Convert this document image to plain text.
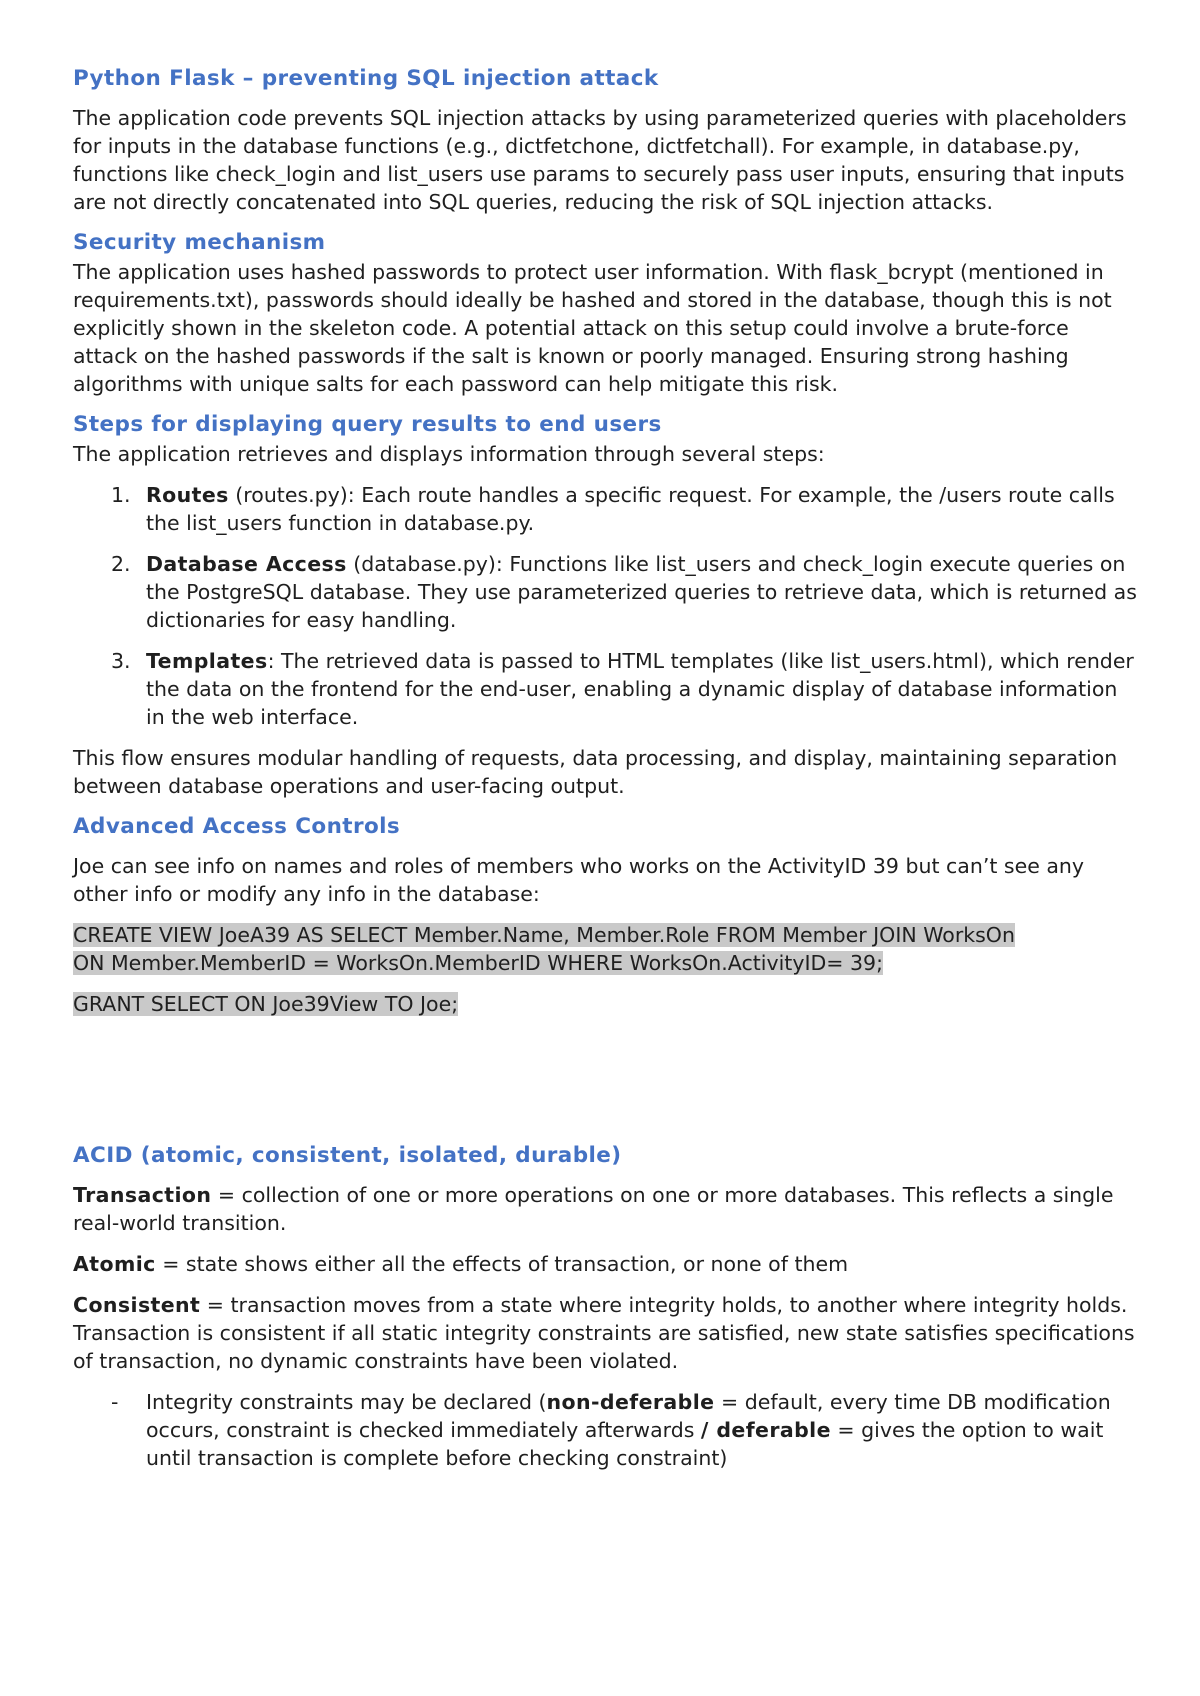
Python Flask – preventing SQL injection attack

The application code prevents SQL injection attacks by using parameterized queries with placeholders for inputs in the database functions (e.g., dictfetchone, dictfetchall). For example, in database.py, functions like check_login and list_users use params to securely pass user inputs, ensuring that inputs are not directly concatenated into SQL queries, reducing the risk of SQL injection attacks.

Security mechanism

The application uses hashed passwords to protect user information. With flask_bcrypt (mentioned in requirements.txt), passwords should ideally be hashed and stored in the database, though this is not explicitly shown in the skeleton code. A potential attack on this setup could involve a brute-force attack on the hashed passwords if the salt is known or poorly managed. Ensuring strong hashing algorithms with unique salts for each password can help mitigate this risk.

Steps for displaying query results to end users

The application retrieves and displays information through several steps:

1. Routes (routes.py): Each route handles a specific request. For example, the /users route calls the list_users function in database.py.
2. Database Access (database.py): Functions like list_users and check_login execute queries on the PostgreSQL database. They use parameterized queries to retrieve data, which is returned as dictionaries for easy handling.
3. Templates: The retrieved data is passed to HTML templates (like list_users.html), which render the data on the frontend for the end-user, enabling a dynamic display of database information in the web interface.

This flow ensures modular handling of requests, data processing, and display, maintaining separation between database operations and user-facing output.

Advanced Access Controls

Joe can see info on names and roles of members who works on the ActivityID 39 but can’t see any other info or modify any info in the database:

CREATE VIEW JoeA39 AS SELECT Member.Name, Member.Role FROM Member JOIN WorksOn
ON Member.MemberID = WorksOn.MemberID WHERE WorksOn.ActivityID= 39;

GRANT SELECT ON Joe39View TO Joe;

ACID (atomic, consistent, isolated, durable)

Transaction = collection of one or more operations on one or more databases. This reflects a single real-world transition.

Atomic = state shows either all the effects of transaction, or none of them

Consistent = transaction moves from a state where integrity holds, to another where integrity holds. Transaction is consistent if all static integrity constraints are satisfied, new state satisfies specifications of transaction, no dynamic constraints have been violated.

- Integrity constraints may be declared (non-deferable = default, every time DB modification occurs, constraint is checked immediately afterwards / deferable = gives the option to wait until transaction is complete before checking constraint)
